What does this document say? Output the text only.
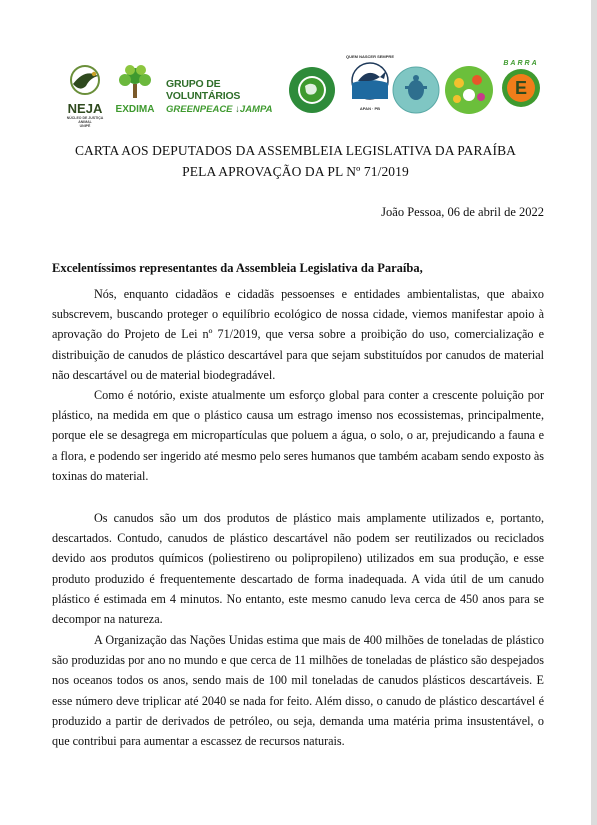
NEJA
NÚCLEO DE JUSTIÇA ANIMAL
UNIPÊ
EXDIMA
GRUPO DE VOLUNTÁRIOS
GREENPEACE ↓JAMPA
QUEM NASCER SEMPRE
APAN · PB
BARRA
E
CARTA AOS DEPUTADOS DA ASSEMBLEIA LEGISLATIVA DA PARAÍBA
PELA APROVAÇÃO DA PL Nº 71/2019
João Pessoa, 06 de abril de 2022
Excelentíssimos representantes da Assembleia Legislativa da Paraíba,

Nós, enquanto cidadãos e cidadãs pessoenses e entidades ambientalistas, que abaixo subscrevem, buscando proteger o equilíbrio ecológico de nossa cidade, viemos manifestar apoio à aprovação do Projeto de Lei nº 71/2019, que versa sobre a proibição do uso, comercialização e distribuição de canudos de plástico descartável para que sejam substituídos por canudos de material não descartável ou de material biodegradável.

Como é notório, existe atualmente um esforço global para conter a crescente poluição por plástico, na medida em que o plástico causa um estrago imenso nos ecossistemas, principalmente, porque ele se desagrega em micropartículas que poluem a água, o solo, o ar, prejudicando a fauna e a flora, e podendo ser ingerido até mesmo pelo seres humanos que também acabam sendo exposto às toxinas do material.

Os canudos são um dos produtos de plástico mais amplamente utilizados e, portanto, descartados. Contudo, canudos de plástico descartável não podem ser reutilizados ou reciclados devido aos produtos químicos (poliestireno ou polipropileno) utilizados em sua produção, e esse produto produzido é frequentemente descartado de forma inadequada. A vida útil de um canudo plástico é estimada em 4 minutos. No entanto, este mesmo canudo leva cerca de 450 anos para se decompor na natureza.

A Organização das Nações Unidas estima que mais de 400 milhões de toneladas de plástico são produzidas por ano no mundo e que cerca de 11 milhões de toneladas de plástico são despejados nos oceanos todos os anos, sendo mais de 100 mil toneladas de canudos plásticos descartáveis. E esse número deve triplicar até 2040 se nada for feito. Além disso, o canudo de plástico descartável é produzido a partir de derivados de petróleo, ou seja, demanda uma matéria prima insustentável, o que contribui para aumentar a escassez de recursos naturais.
